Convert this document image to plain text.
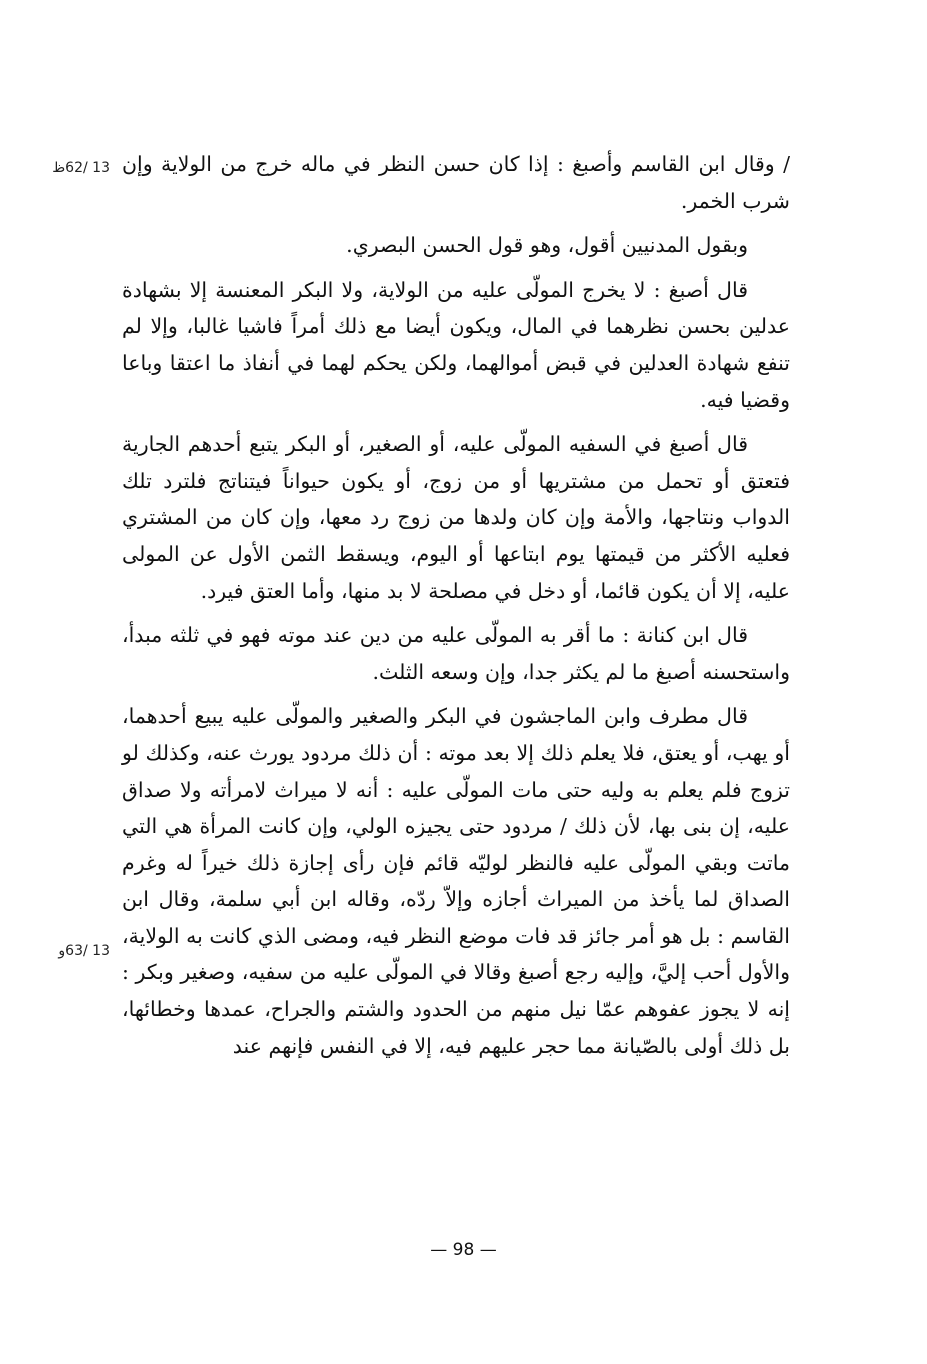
13 /62ظ
13 /63و

/ وقال ابن القاسم وأصبغ : إذا كان حسن النظر في ماله خرج من الولاية وإن شرب الخمر.

وبقول المدنيين أقول، وهو قول الحسن البصري.

قال أصبغ : لا يخرج المولّى عليه من الولاية، ولا البكر المعنسة إلا بشهادة عدلين بحسن نظرهما في المال، ويكون أيضا مع ذلك أمراً فاشيا غالبا، وإلا لم تنفع شهادة العدلين في قبض أموالهما، ولكن يحكم لهما في أنفاذ ما اعتقا وباعا وقضيا فيه.

قال أصبغ في السفيه المولّى عليه، أو الصغير، أو البكر يتبع أحدهم الجارية فتعتق أو تحمل من مشتريها أو من زوج، أو يكون حيواناً فيتناتج فلترد تلك الدواب ونتاجها، والأمة وإن كان ولدها من زوج رد معها، وإن كان من المشتري فعليه الأكثر من قيمتها يوم ابتاعها أو اليوم، ويسقط الثمن الأول عن المولى عليه، إلا أن يكون قائما، أو دخل في مصلحة لا بد منها، وأما العتق فيرد.

قال ابن كنانة : ما أقر به المولّى عليه من دين عند موته فهو في ثلثه مبدأ، واستحسنه أصبغ ما لم يكثر جدا، وإن وسعه الثلث.

قال مطرف وابن الماجشون في البكر والصغير والمولّى عليه يبيع أحدهما، أو يهب، أو يعتق، فلا يعلم ذلك إلا بعد موته : أن ذلك مردود يورث عنه، وكذلك لو تزوج فلم يعلم به وليه حتى مات المولّى عليه : أنه لا ميراث لامرأته ولا صداق عليه، إن بنى بها، لأن ذلك / مردود حتى يجيزه الولي، وإن كانت المرأة هي التي ماتت وبقي المولّى عليه فالنظر لوليّه قائم فإن رأى إجازة ذلك خيراً له وغرم الصداق لما يأخذ من الميراث أجازه وإلاّ ردّه، وقاله ابن أبي سلمة، وقال ابن القاسم : بل هو أمر جائز قد فات موضع النظر فيه، ومضى الذي كانت به الولاية، والأول أحب إليَّ، وإليه رجع أصبغ وقالا في المولّى عليه من سفيه، وصغير وبكر : إنه لا يجوز عفوهم عمّا نيل منهم من الحدود والشتم والجراح، عمدها وخطائها، بل ذلك أولى بالصّيانة مما حجر عليهم فيه، إلا في النفس فإنهم عند

— 98 —
